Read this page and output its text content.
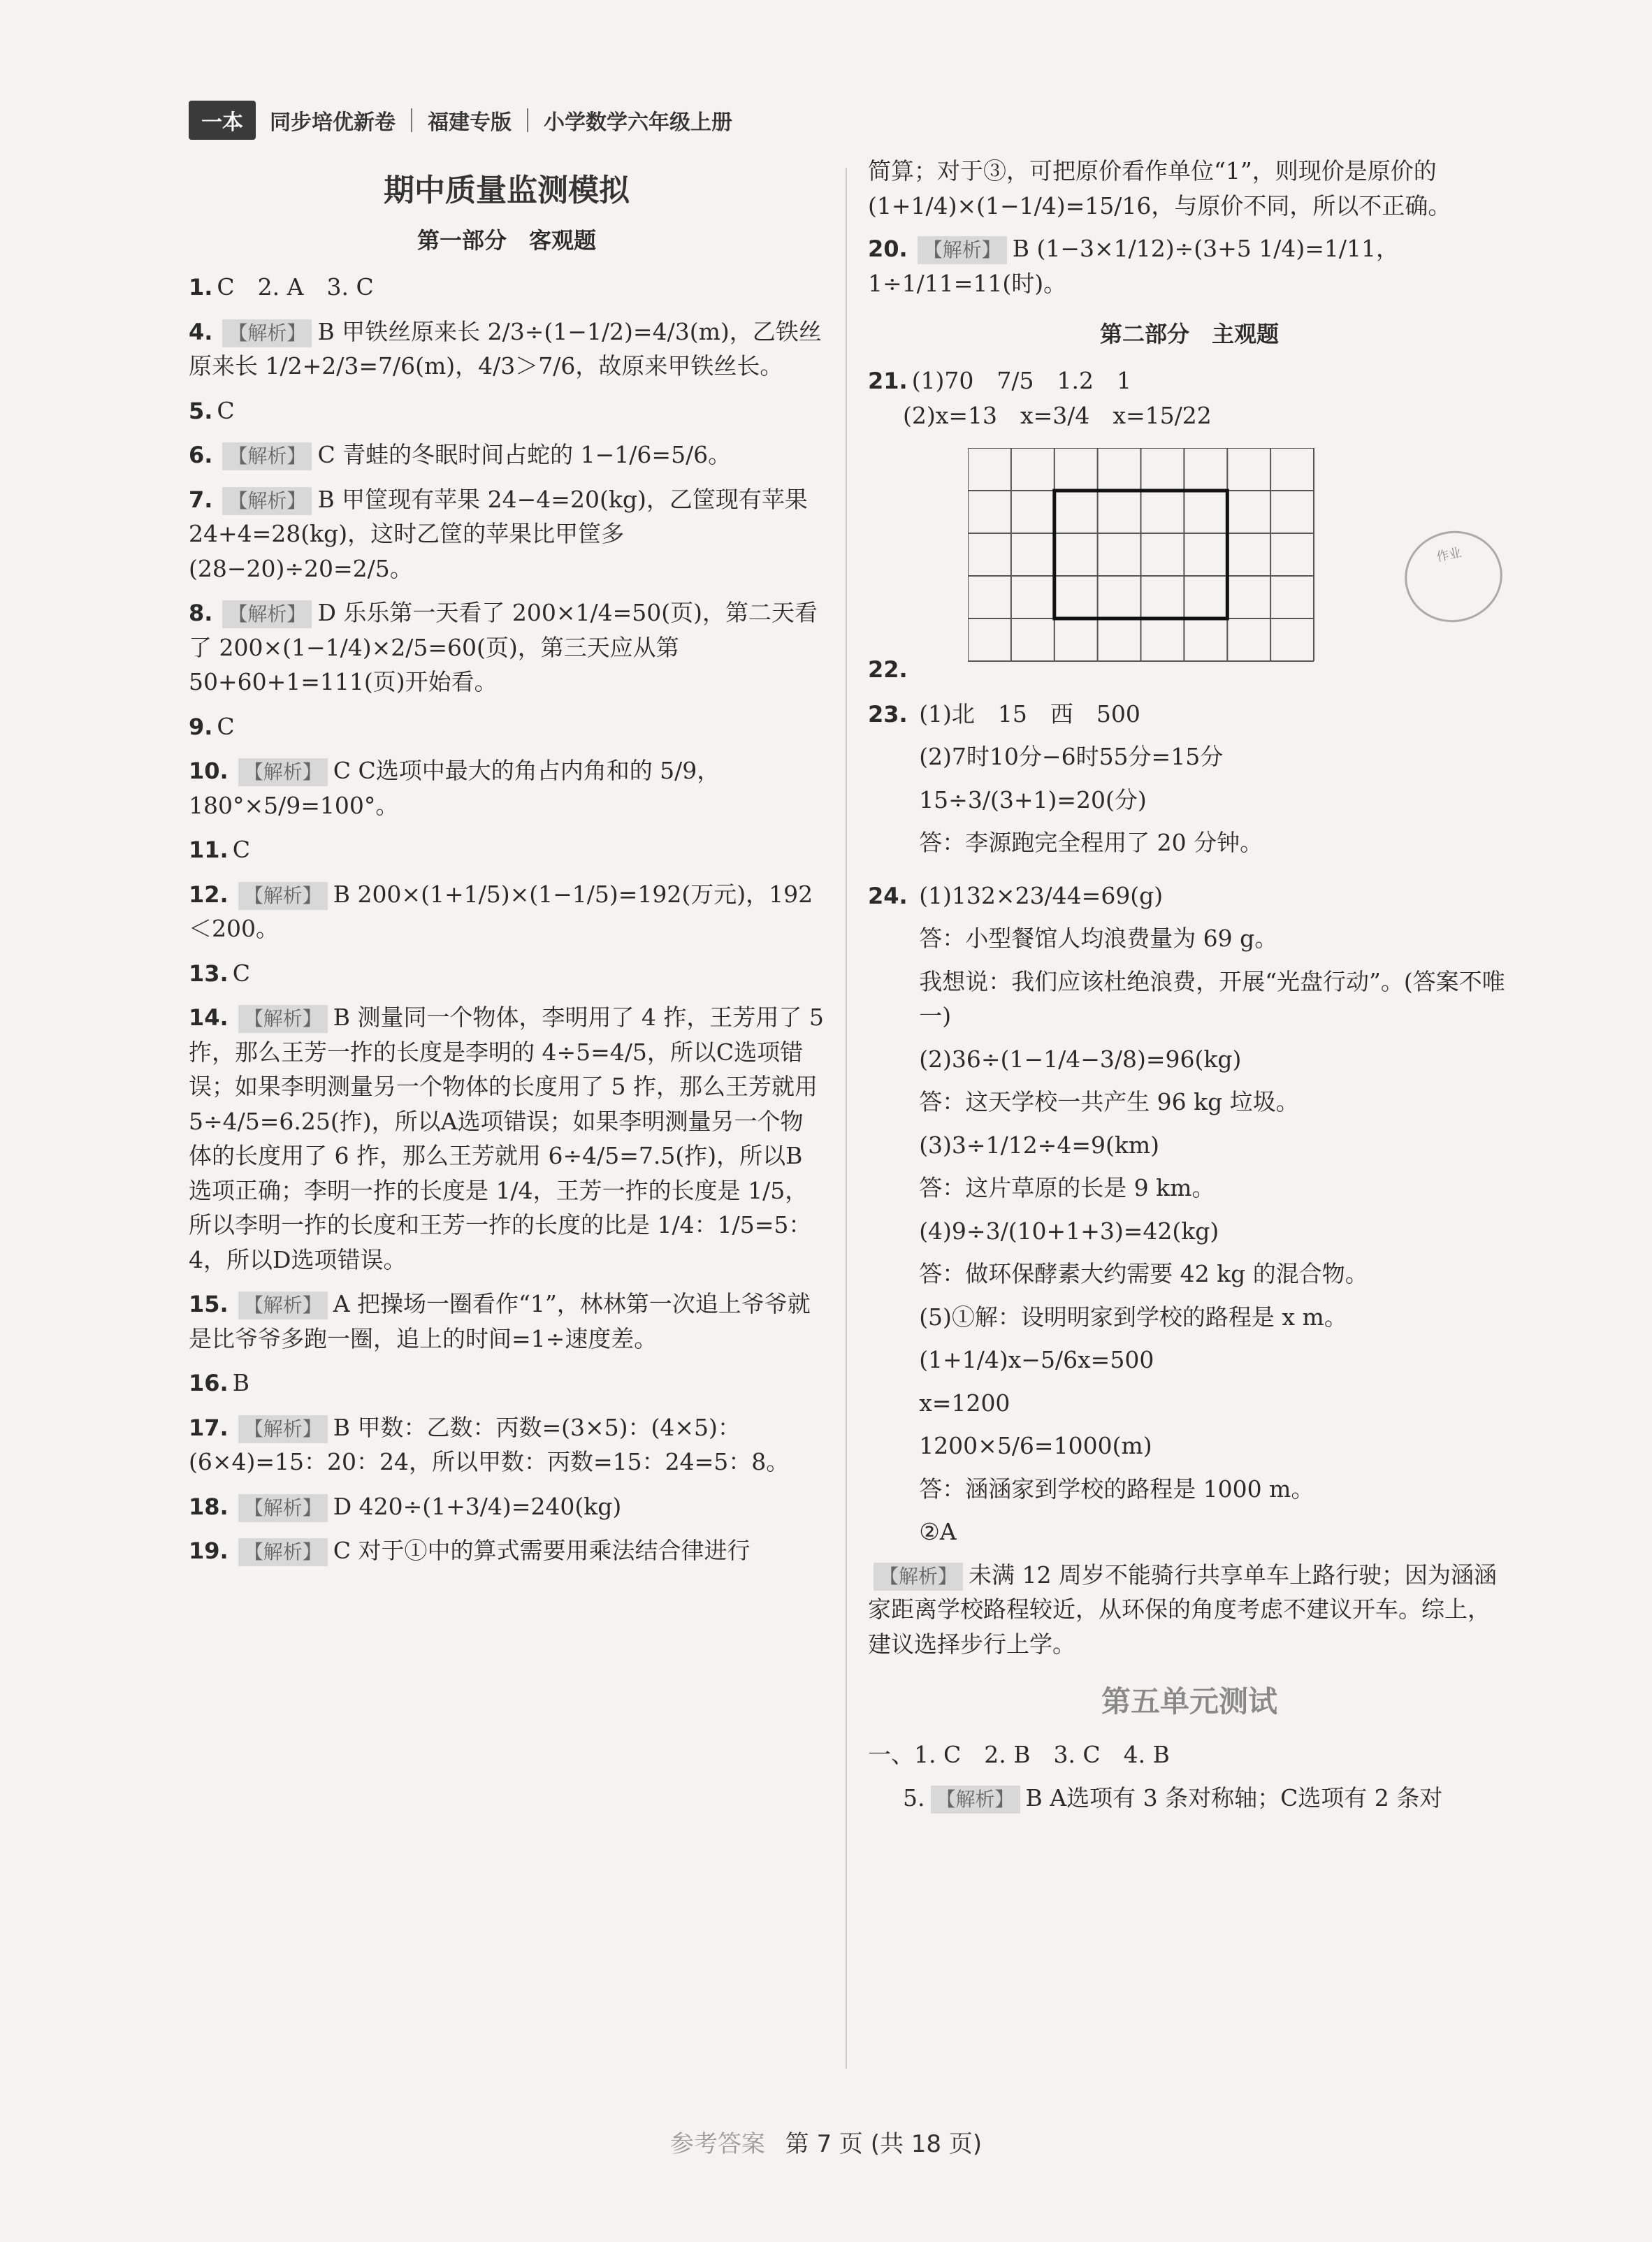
一本	同步培优新卷 福建专版 小学数学六年级上册
期中质量监测模拟
第一部分　客观题
1. C　2. A　3. C
4. 【解析】 B 甲铁丝原来长 2/3÷(1−1/2)=4/3(m)，乙铁丝原来长 1/2+2/3=7/6(m)，4/3＞7/6，故原来甲铁丝长。
5. C
6. 【解析】 C 青蛙的冬眠时间占蛇的 1−1/6=5/6。
7. 【解析】 B 甲筐现有苹果 24−4=20(kg)，乙筐现有苹果 24+4=28(kg)，这时乙筐的苹果比甲筐多(28−20)÷20=2/5。
8. 【解析】 D 乐乐第一天看了 200×1/4=50(页)，第二天看了 200×(1−1/4)×2/5=60(页)，第三天应从第 50+60+1=111(页)开始看。
9. C
10. 【解析】 C C选项中最大的角占内角和的 5/9，180°×5/9=100°。
11. C
12. 【解析】 B 200×(1+1/5)×(1−1/5)=192(万元)，192＜200。
13. C
14. 【解析】 B 测量同一个物体，李明用了 4 拃，王芳用了 5 拃，那么王芳一拃的长度是李明的 4÷5=4/5，所以C选项错误；如果李明测量另一个物体的长度用了 5 拃，那么王芳就用 5÷4/5=6.25(拃)，所以A选项错误；如果李明测量另一个物体的长度用了 6 拃，那么王芳就用 6÷4/5=7.5(拃)，所以B选项正确；李明一拃的长度是 1/4，王芳一拃的长度是 1/5，所以李明一拃的长度和王芳一拃的长度的比是 1/4：1/5=5：4，所以D选项错误。
15. 【解析】 A 把操场一圈看作“1”，林林第一次追上爷爷就是比爷爷多跑一圈，追上的时间=1÷速度差。
16. B
17. 【解析】 B 甲数：乙数：丙数=(3×5)：(4×5)：(6×4)=15：20：24，所以甲数：丙数=15：24=5：8。
18. 【解析】 D 420÷(1+3/4)=240(kg)
19. 【解析】 C 对于①中的算式需要用乘法结合律进行
简算；对于③，可把原价看作单位“1”，则现价是原价的(1+1/4)×(1−1/4)=15/16，与原价不同，所以不正确。
20. 【解析】 B (1−3×1/12)÷(3+5 1/4)=1/11，1÷1/11=11(时)。
第二部分　主观题
21. (1)70　7/5　1.2　1
(2)x=13　x=3/4　x=15/22
22.
23. (1)北　15　西　500
(2)7时10分−6时55分=15分
15÷3/(3+1)=20(分)
答：李源跑完全程用了 20 分钟。
24. (1)132×23/44=69(g)
答：小型餐馆人均浪费量为 69 g。
我想说：我们应该杜绝浪费，开展“光盘行动”。(答案不唯一)
(2)36÷(1−1/4−3/8)=96(kg)
答：这天学校一共产生 96 kg 垃圾。
(3)3÷1/12÷4=9(km)
答：这片草原的长是 9 km。
(4)9÷3/(10+1+3)=42(kg)
答：做环保酵素大约需要 42 kg 的混合物。
(5)①解：设明明家到学校的路程是 x m。
(1+1/4)x−5/6x=500
x=1200
1200×5/6=1000(m)
答：涵涵家到学校的路程是 1000 m。
②A
【解析】 未满 12 周岁不能骑行共享单车上路行驶；因为涵涵家距离学校路程较近，从环保的角度考虑不建议开车。综上，建议选择步行上学。
第五单元测试
一、1. C　2. B　3. C　4. B
5. 【解析】 B A选项有 3 条对称轴；C选项有 2 条对
作业
参考答案 第 7 页 (共 18 页)
